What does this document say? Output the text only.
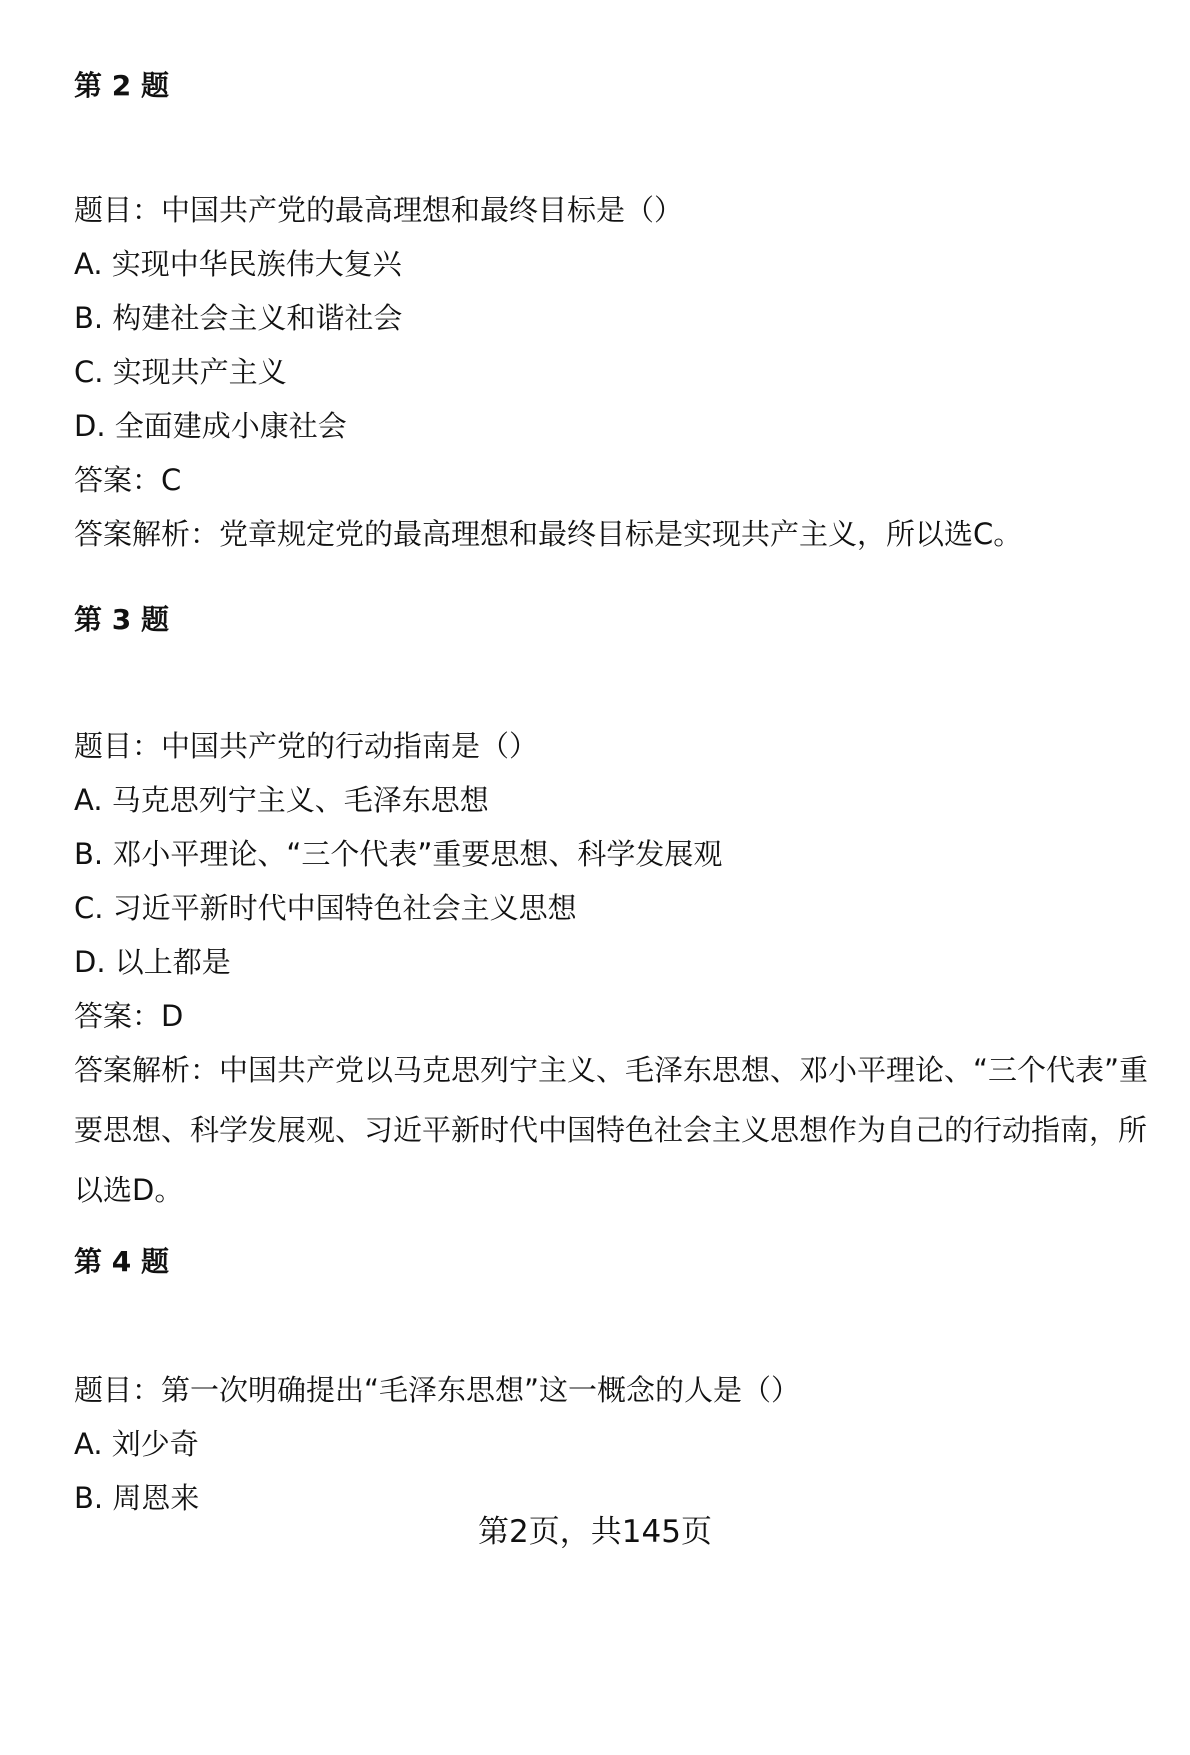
第 2 题
题目：中国共产党的最高理想和最终目标是（）
A. 实现中华民族伟大复兴
B. 构建社会主义和谐社会
C. 实现共产主义
D. 全面建成小康社会
答案：C
答案解析：党章规定党的最高理想和最终目标是实现共产主义，所以选C。
第 3 题
题目：中国共产党的行动指南是（）
A. 马克思列宁主义、毛泽东思想
B. 邓小平理论、“三个代表”重要思想、科学发展观
C. 习近平新时代中国特色社会主义思想
D. 以上都是
答案：D
答案解析：中国共产党以马克思列宁主义、毛泽东思想、邓小平理论、“三个代表”重要思想、科学发展观、习近平新时代中国特色社会主义思想作为自己的行动指南，所以选D。
第 4 题
题目：第一次明确提出“毛泽东思想”这一概念的人是（）
A. 刘少奇
B. 周恩来
第2页，共145页
